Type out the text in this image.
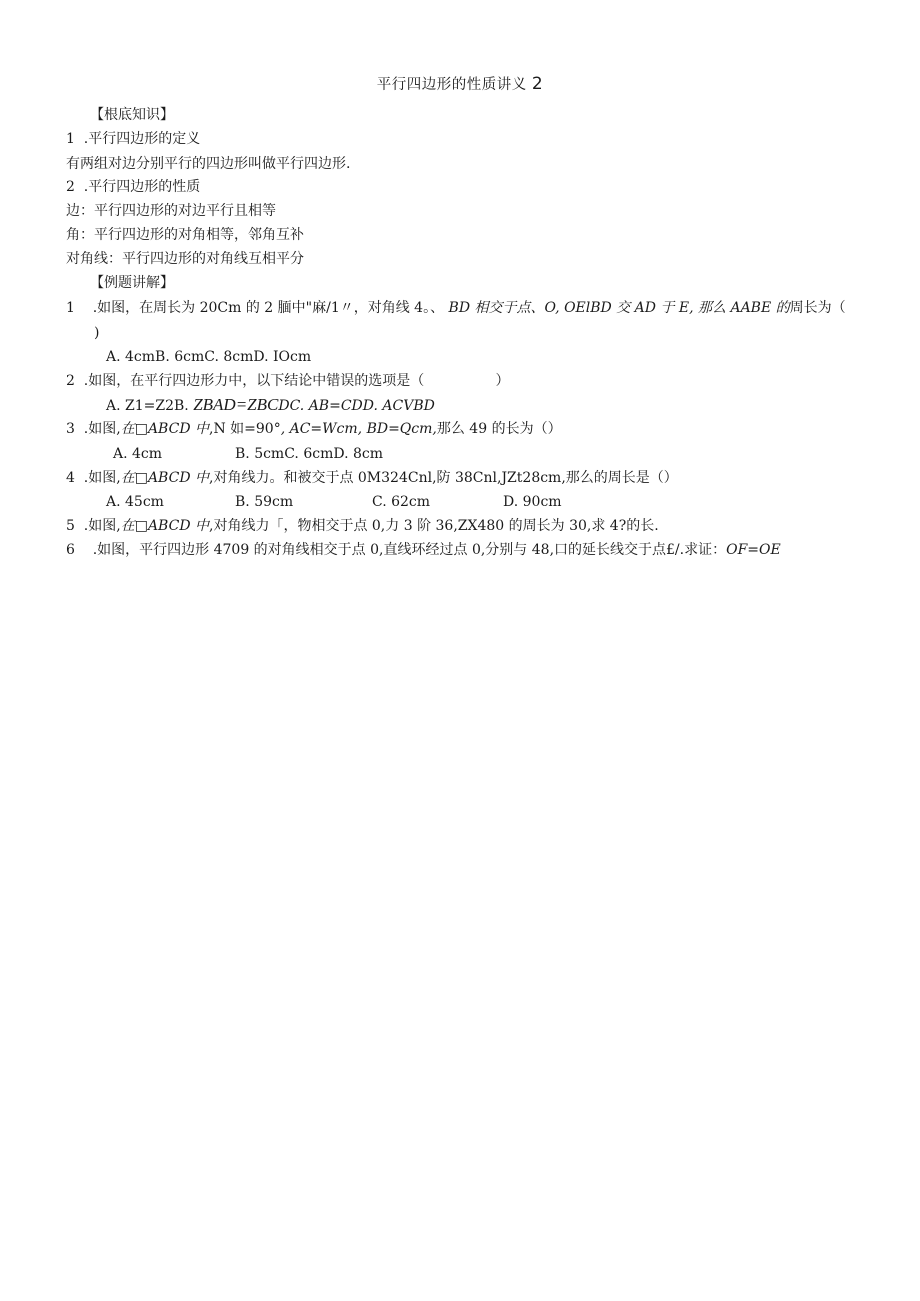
平行四边形的性质讲义 2
【根底知识】
1  .平行四边形的定义
有两组对边分别平行的四边形叫做平行四边形.
2  .平行四边形的性质
边：平行四边形的对边平行且相等
角：平行四边形的对角相等，邻角互补
对角线：平行四边形的对角线互相平分
【例题讲解】
1    .如图，在周长为 20Cm 的 2 腼中"麻/1〃，对角线 4。、 BD 相交于点、O, OElBD 交 AD 于 E, 那么 AABE 的周长为（
)
A. 4cmB. 6cmC. 8cmD. IOcm
2  .如图，在平行四边形力中，以下结论中错误的选项是（                ）
A. Z1=Z2B. ZBAD=ZBCDC. AB=CDD. ACVBD
3  .如图,在□ABCD 中,N 如=90°, AC=Wcm, BD=Qcm,那么 49 的长为（）
A. 4cm	B. 5cmC. 6cmD. 8cm
4  .如图,在□ABCD 中,对角线力。和被交于点 0M324Cnl,防 38Cnl,JZt28cm,那么的周长是（）
A. 45cm	B. 59cm	C. 62cm	D. 90cm
5  .如图,在□ABCD 中,对角线力「，物相交于点 0,力 3 阶 36,ZX480 的周长为 30,求 4?的长.
6    .如图，平行四边形 4709 的对角线相交于点 0,直线环经过点 0,分别与 48,口的延长线交于点£/.求证：OF=OE
